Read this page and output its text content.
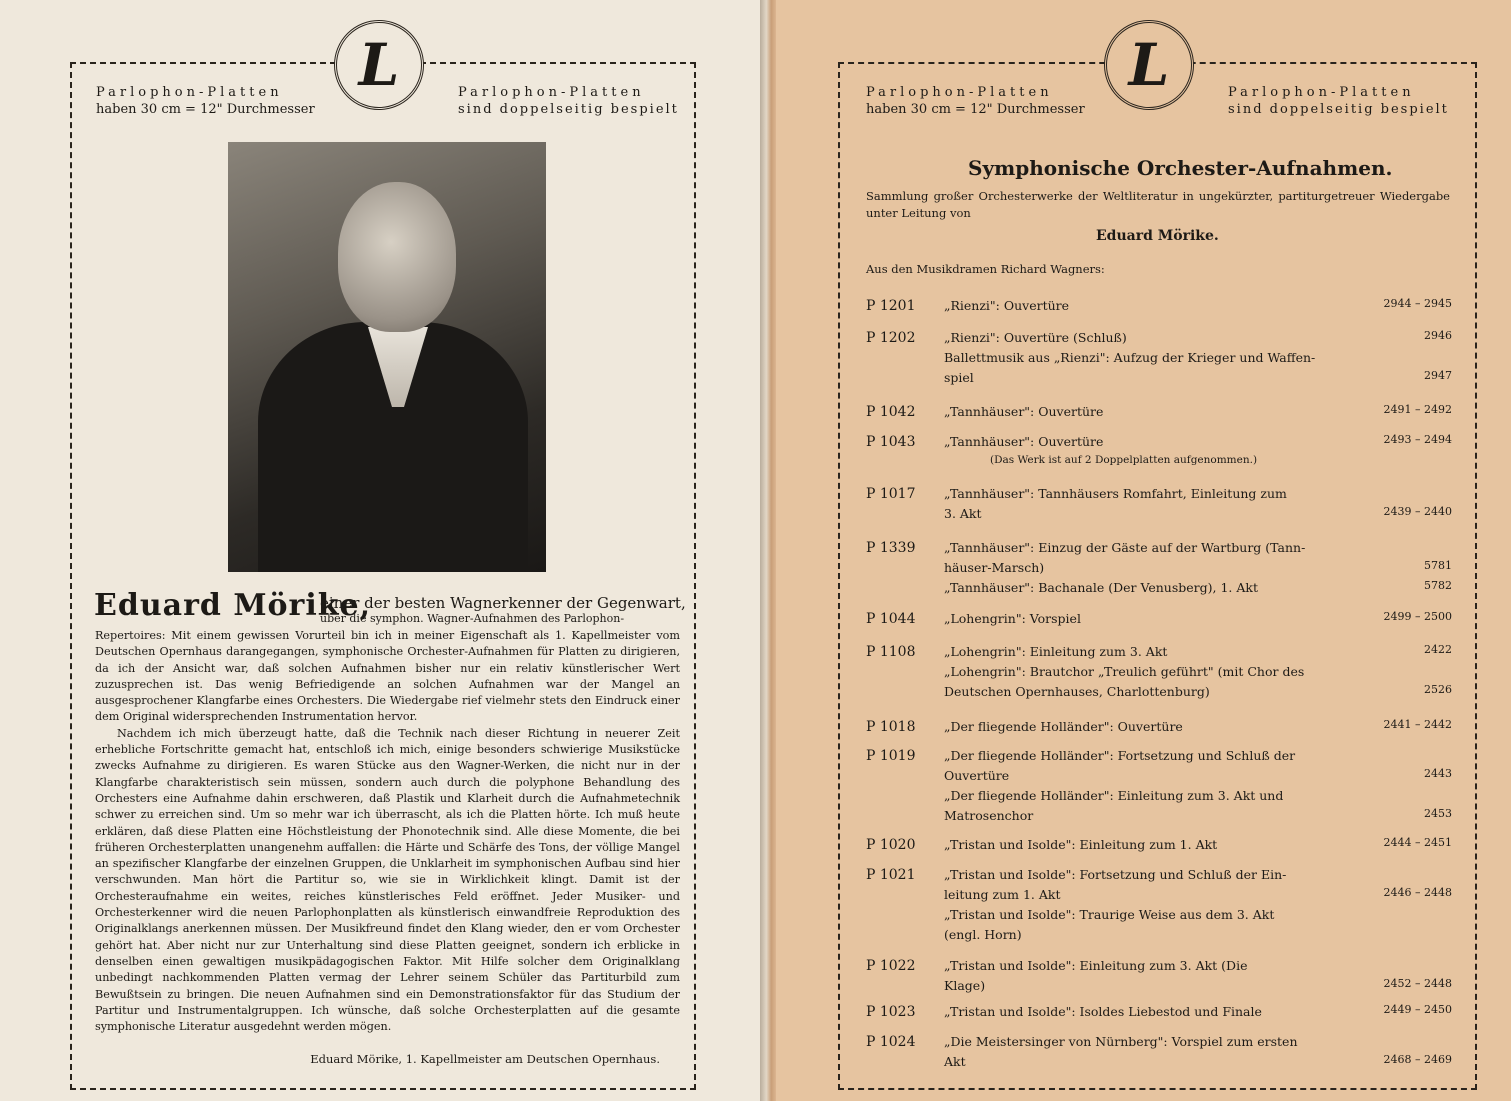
L
Parlophon-Platten
haben 30 cm = 12" Durchmesser
Parlophon-Platten
sind doppelseitig bespielt
Eduard Mörike,
einer der besten Wagnerkenner der Gegenwart,
über die symphon. Wagner-Aufnahmen des Parlophon-

Repertoires: Mit einem gewissen Vorurteil bin ich in meiner Eigenschaft als 1. Kapellmeister vom Deutschen Opernhaus darangegangen, symphonische Orchester-Aufnahmen für Platten zu dirigieren, da ich der Ansicht war, daß solchen Aufnahmen bisher nur ein relativ künstlerischer Wert zuzusprechen ist. Das wenig Befriedigende an solchen Aufnahmen war der Mangel an ausgesprochener Klangfarbe eines Orchesters. Die Wiedergabe rief vielmehr stets den Eindruck einer dem Original widersprechenden Instrumentation hervor.

Nachdem ich mich überzeugt hatte, daß die Technik nach dieser Richtung in neuerer Zeit erhebliche Fortschritte gemacht hat, entschloß ich mich, einige besonders schwierige Musikstücke zwecks Aufnahme zu dirigieren. Es waren Stücke aus den Wagner-Werken, die nicht nur in der Klangfarbe charakteristisch sein müssen, sondern auch durch die polyphone Behandlung des Orchesters eine Aufnahme dahin erschweren, daß Plastik und Klarheit durch die Aufnahmetechnik schwer zu erreichen sind. Um so mehr war ich überrascht, als ich die Platten hörte. Ich muß heute erklären, daß diese Platten eine Höchstleistung der Phonotechnik sind. Alle diese Momente, die bei früheren Orchesterplatten unangenehm auffallen: die Härte und Schärfe des Tons, der völlige Mangel an spezifischer Klangfarbe der einzelnen Gruppen, die Unklarheit im symphonischen Aufbau sind hier verschwunden. Man hört die Partitur so, wie sie in Wirklichkeit klingt. Damit ist der Orchesteraufnahme ein weites, reiches künstlerisches Feld eröffnet. Jeder Musiker- und Orchesterkenner wird die neuen Parlophonplatten als künstlerisch einwandfreie Reproduktion des Originalklangs anerkennen müssen. Der Musikfreund findet den Klang wieder, den er vom Orchester gehört hat. Aber nicht nur zur Unterhaltung sind diese Platten geeignet, sondern ich erblicke in denselben einen gewaltigen musikpädagogischen Faktor. Mit Hilfe solcher dem Originalklang unbedingt nachkommenden Platten vermag der Lehrer seinem Schüler das Partiturbild zum Bewußtsein zu bringen. Die neuen Aufnahmen sind ein Demonstrationsfaktor für das Studium der Partitur und Instrumentalgruppen. Ich wünsche, daß solche Orchesterplatten auf die gesamte symphonische Literatur ausgedehnt werden mögen.

Eduard Mörike, 1. Kapellmeister am Deutschen Opernhaus.
L
Parlophon-Platten
haben 30 cm = 12" Durchmesser
Parlophon-Platten
sind doppelseitig bespielt
Symphonische Orchester-Aufnahmen.
Sammlung großer Orchesterwerke der Weltliteratur in ungekürzter, partiturgetreuer Wiedergabe unter Leitung von
Eduard Mörike.
Aus den Musikdramen Richard Wagners:
P 1201 „Rienzi": Ouvertüre	2944 – 2945
P 1202 „Rienzi": Ouvertüre (Schluß)	2946
Ballettmusik aus „Rienzi": Aufzug der Krieger und Waffen-
spiel	2947
P 1042 „Tannhäuser": Ouvertüre	2491 – 2492
P 1043 „Tannhäuser": Ouvertüre	2493 – 2494
(Das Werk ist auf 2 Doppelplatten aufgenommen.)
P 1017 „Tannhäuser": Tannhäusers Romfahrt, Einleitung zum
3. Akt	2439 – 2440
P 1339 „Tannhäuser": Einzug der Gäste auf der Wartburg (Tann-
häuser-Marsch)	5781
„Tannhäuser": Bachanale (Der Venusberg), 1. Akt	5782
P 1044 „Lohengrin": Vorspiel	2499 – 2500
P 1108 „Lohengrin": Einleitung zum 3. Akt	2422
„Lohengrin": Brautchor „Treulich geführt" (mit Chor des
Deutschen Opernhauses, Charlottenburg)	2526
P 1018 „Der fliegende Holländer": Ouvertüre	2441 – 2442
P 1019 „Der fliegende Holländer": Fortsetzung und Schluß der
Ouvertüre	2443
„Der fliegende Holländer": Einleitung zum 3. Akt und
Matrosenchor	2453
P 1020 „Tristan und Isolde": Einleitung zum 1. Akt	2444 – 2451
P 1021 „Tristan und Isolde": Fortsetzung und Schluß der Ein-
leitung zum 1. Akt	2446 – 2448
„Tristan und Isolde": Traurige Weise aus dem 3. Akt
(engl. Horn)
P 1022 „Tristan und Isolde": Einleitung zum 3. Akt (Die
Klage)	2452 – 2448
P 1023 „Tristan und Isolde": Isoldes Liebestod und Finale	2449 – 2450
P 1024 „Die Meistersinger von Nürnberg": Vorspiel zum ersten
Akt	2468 – 2469
